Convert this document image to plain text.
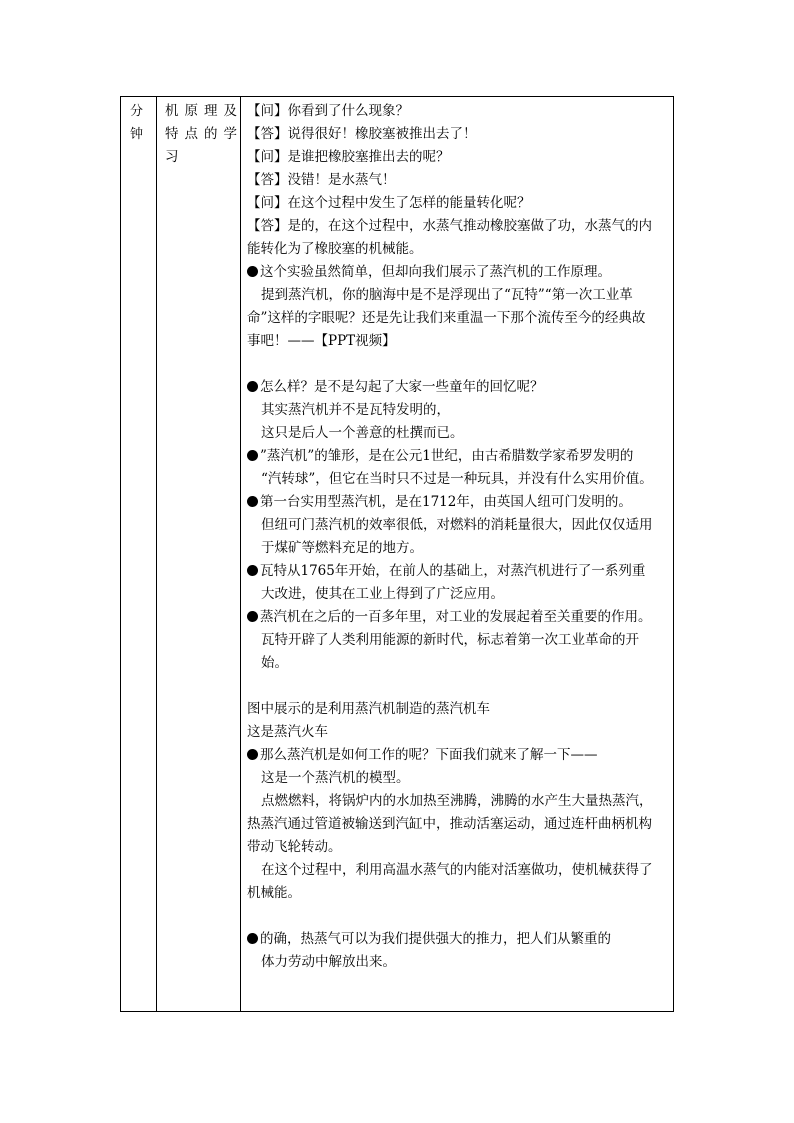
分
钟
机原理及
特点的学
习
【问】你看到了什么现象？
【答】说得很好！橡胶塞被推出去了！
【问】是谁把橡胶塞推出去的呢？
【答】没错！是水蒸气！
【问】在这个过程中发生了怎样的能量转化呢？
【答】是的，在这个过程中，水蒸气推动橡胶塞做了功，水蒸气的内
能转化为了橡胶塞的机械能。
这个实验虽然简单，但却向我们展示了蒸汽机的工作原理。
提到蒸汽机，你的脑海中是不是浮现出了“瓦特”“第一次工业革
命”这样的字眼呢？还是先让我们来重温一下那个流传至今的经典故
事吧！——【PPT视频】
怎么样？是不是勾起了大家一些童年的回忆呢？
其实蒸汽机并不是瓦特发明的，
这只是后人一个善意的杜撰而已。
”蒸汽机”的雏形，是在公元1世纪，由古希腊数学家希罗发明的
“汽转球”，但它在当时只不过是一种玩具，并没有什么实用价值。
第一台实用型蒸汽机，是在1712年，由英国人纽可门发明的。
但纽可门蒸汽机的效率很低，对燃料的消耗量很大，因此仅仅适用
于煤矿等燃料充足的地方。
瓦特从1765年开始，在前人的基础上，对蒸汽机进行了一系列重
大改进，使其在工业上得到了广泛应用。
蒸汽机在之后的一百多年里，对工业的发展起着至关重要的作用。
瓦特开辟了人类利用能源的新时代，标志着第一次工业革命的开
始。
图中展示的是利用蒸汽机制造的蒸汽机车
这是蒸汽火车
那么蒸汽机是如何工作的呢？下面我们就来了解一下——
这是一个蒸汽机的模型。
点燃燃料，将锅炉内的水加热至沸腾，沸腾的水产生大量热蒸汽，
热蒸汽通过管道被输送到汽缸中，推动活塞运动，通过连杆曲柄机构
带动飞轮转动。
在这个过程中，利用高温水蒸气的内能对活塞做功，使机械获得了
机械能。
的确，热蒸气可以为我们提供强大的推力，把人们从繁重的
体力劳动中解放出来。
